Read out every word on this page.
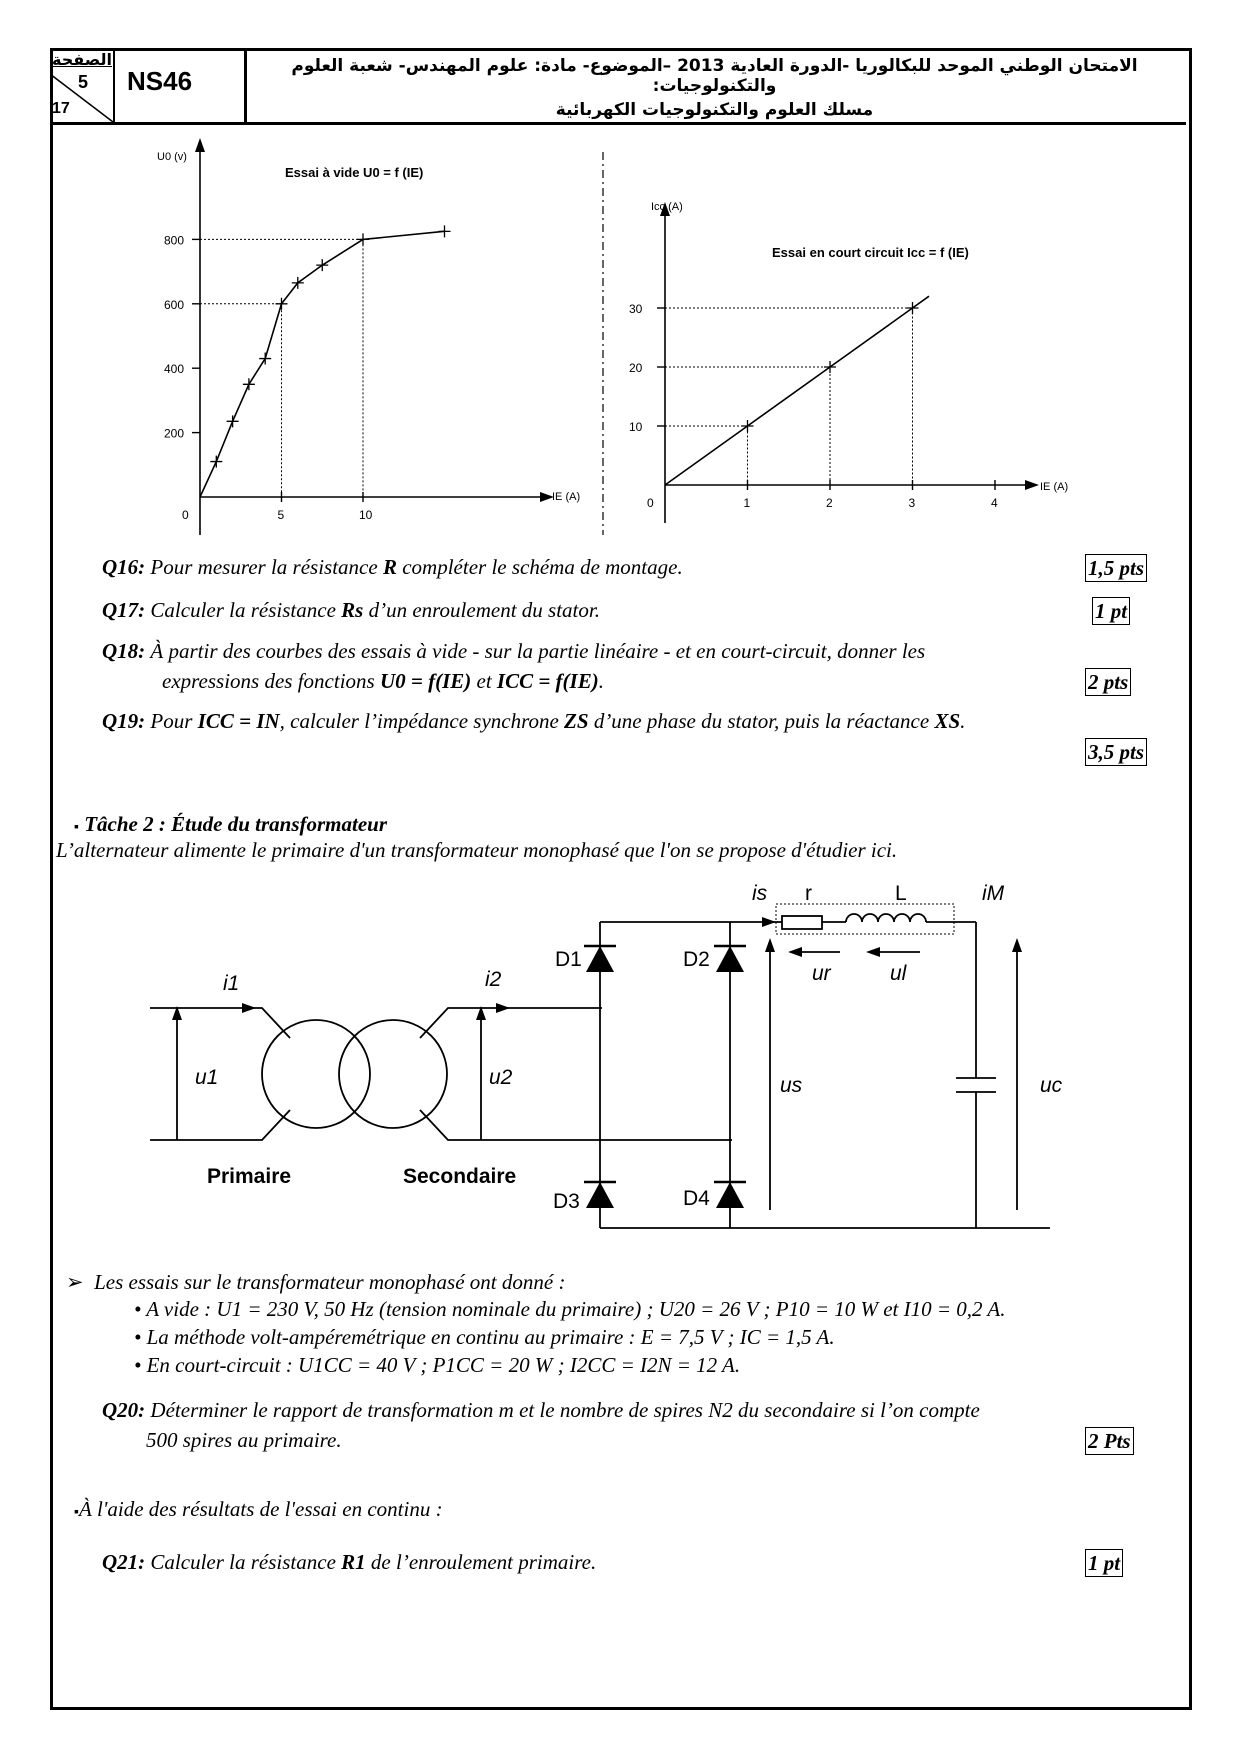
الصفحة
5
17
NS46	الامتحان الوطني الموحد للبكالوريا -الدورة العادية 2013 –الموضوع- مادة: علوم المهندس- شعبة العلوم والتكنولوجيات:
مسلك العلوم والتكنولوجيات الكهربائية
U0 (v)
IE (A)
Essai à vide U0 = f (IE)
0	5	10
200
400
600
800
Icc (A)
IE (A)
Essai en court circuit Icc = f (IE)
0	1	2	3	4
10
20
30
Q16: Pour mesurer la résistance R compléter le schéma de montage.	1,5 pts
Q17: Calculer la résistance Rs d’un enroulement du stator.	1 pt
Q18: À partir des courbes des essais à vide - sur la partie linéaire - et en court-circuit, donner les
expressions des fonctions U0 = f(IE) et ICC = f(IE).	2 pts
Q19: Pour ICC = IN, calculer l’impédance synchrone ZS d’une phase du stator, puis la réactance XS.
3,5 pts
▪ Tâche 2 : Étude du transformateur
L’alternateur alimente le primaire d'un transformateur monophasé que l'on se propose d'étudier ici.
i1
u1
i2
u2
is	iM
ur	ul
us	uc
r	L
D1	D2
D3	D4
Primaire	Secondaire
➢ Les essais sur le transformateur monophasé ont donné :
• A vide : U1 = 230 V, 50 Hz (tension nominale du primaire) ; U20 = 26 V ; P10 = 10 W et I10 = 0,2 A.
• La méthode volt-ampéremétrique en continu au primaire : E = 7,5 V ; IC = 1,5 A.
• En court-circuit : U1CC = 40 V ; P1CC = 20 W ; I2CC = I2N = 12 A.
Q20: Déterminer le rapport de transformation m et le nombre de spires N2 du secondaire si l’on compte
500 spires au primaire.	2 Pts
▪À l'aide des résultats de l'essai en continu :
Q21: Calculer la résistance R1 de l’enroulement primaire.	1 pt
